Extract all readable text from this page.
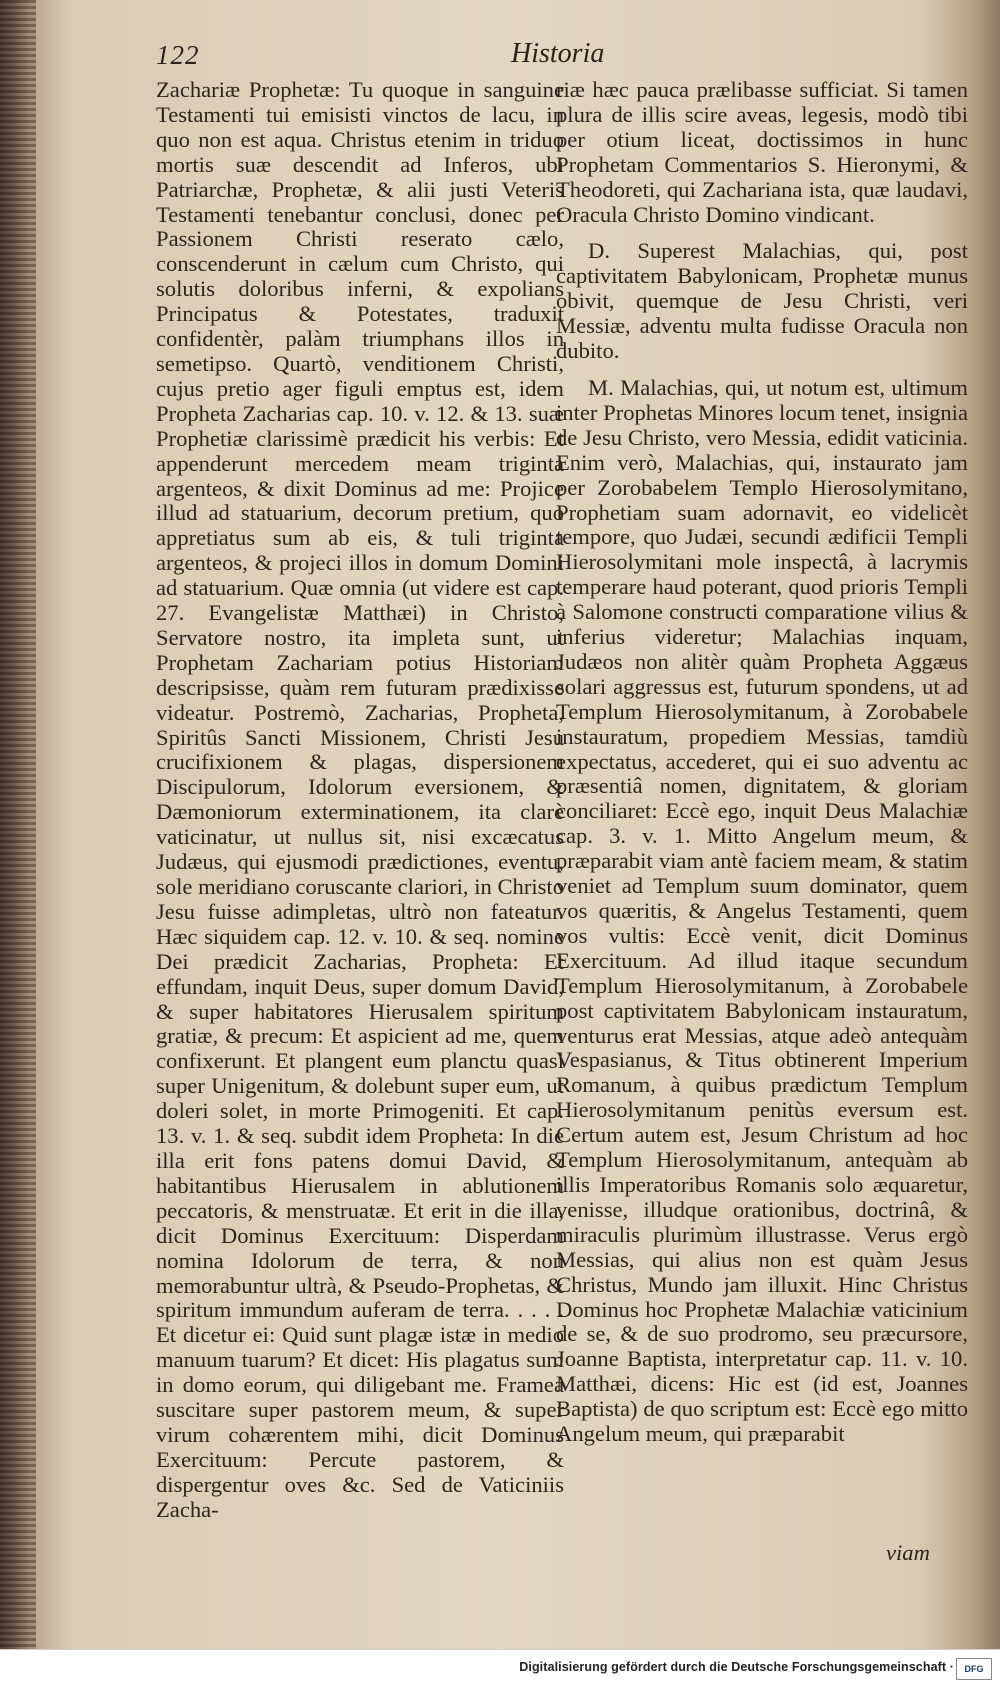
122	Historia

Zachariæ Prophetæ: Tu quoque in sanguine Testamenti tui emisisti vinctos de lacu, in quo non est aqua. Christus etenim in triduo mortis suæ descendit ad Inferos, ubi Patriarchæ, Prophetæ, & alii justi Veteris Testamenti tenebantur conclusi, donec per Passionem Christi reserato cælo, conscenderunt in cælum cum Christo, qui solutis doloribus inferni, & expolians Principatus & Potestates, traduxit confidentèr, palàm triumphans illos in semetipso. Quartò, venditionem Christi, cujus pretio ager figuli emptus est, idem Propheta Zacharias cap. 10. v. 12. & 13. suæ Prophetiæ clarissimè prædicit his verbis: Et appenderunt mercedem meam triginta argenteos, & dixit Dominus ad me: Projice illud ad statuarium, decorum pretium, quo appretiatus sum ab eis, & tuli triginta argenteos, & projeci illos in domum Domini ad statuarium. Quæ omnia (ut videre est cap. 27. Evangelistæ Matthæi) in Christo, Servatore nostro, ita impleta sunt, ut Prophetam Zachariam potius Historiam descripsisse, quàm rem futuram prædixisse videatur. Postremò, Zacharias, Propheta, Spiritûs Sancti Missionem, Christi Jesu crucifixionem & plagas, dispersionem Discipulorum, Idolorum eversionem, & Dæmoniorum exterminationem, ita clarè vaticinatur, ut nullus sit, nisi excæcatus Judæus, qui ejusmodi prædictiones, eventu, sole meridiano coruscante clariori, in Christo Jesu fuisse adimpletas, ultrò non fateatur. Hæc siquidem cap. 12. v. 10. & seq. nomine Dei prædicit Zacharias, Propheta: Et effundam, inquit Deus, super domum David, & super habitatores Hierusalem spiritum gratiæ, & precum: Et aspicient ad me, quem confixerunt. Et plangent eum planctu quasi super Unigenitum, & dolebunt super eum, ut doleri solet, in morte Primogeniti. Et cap. 13. v. 1. & seq. subdit idem Propheta: In die illa erit fons patens domui David, & habitantibus Hierusalem in ablutionem peccatoris, & menstruatæ. Et erit in die illa, dicit Dominus Exercituum: Disperdam nomina Idolorum de terra, & non memorabuntur ultrà, & Pseudo-Prophetas, & spiritum immundum auferam de terra. . . . . Et dicetur ei: Quid sunt plagæ istæ in medio manuum tuarum? Et dicet: His plagatus sum in domo eorum, qui diligebant me. Framea suscitare super pastorem meum, & super virum cohærentem mihi, dicit Dominus Exercituum: Percute pastorem, & dispergentur oves &c. Sed de Vaticiniis Zacha-

riæ hæc pauca prælibasse sufficiat. Si tamen plura de illis scire aveas, legesis, modò tibi per otium liceat, doctissimos in hunc Prophetam Commentarios S. Hieronymi, & Theodoreti, qui Zachariana ista, quæ laudavi, Oracula Christo Domino vindicant.

D. Superest Malachias, qui, post captivitatem Babylonicam, Prophetæ munus obivit, quemque de Jesu Christi, veri Messiæ, adventu multa fudisse Oracula non dubito.

M. Malachias, qui, ut notum est, ultimum inter Prophetas Minores locum tenet, insignia de Jesu Christo, vero Messia, edidit vaticinia. Enim verò, Malachias, qui, instaurato jam per Zorobabelem Templo Hierosolymitano, Prophetiam suam adornavit, eo videlicèt tempore, quo Judæi, secundi ædificii Templi Hierosolymitani mole inspectâ, à lacrymis temperare haud poterant, quod prioris Templi à Salomone constructi comparatione vilius & inferius videretur; Malachias inquam, Judæos non alitèr quàm Propheta Aggæus solari aggressus est, futurum spondens, ut ad Templum Hierosolymitanum, à Zorobabele instauratum, propediem Messias, tamdiù expectatus, accederet, qui ei suo adventu ac præsentiâ nomen, dignitatem, & gloriam conciliaret: Eccè ego, inquit Deus Malachiæ cap. 3. v. 1. Mitto Angelum meum, & præparabit viam antè faciem meam, & statim veniet ad Templum suum dominator, quem vos quæritis, & Angelus Testamenti, quem vos vultis: Eccè venit, dicit Dominus Exercituum. Ad illud itaque secundum Templum Hierosolymitanum, à Zorobabele post captivitatem Babylonicam instauratum, venturus erat Messias, atque adeò antequàm Vespasianus, & Titus obtinerent Imperium Romanum, à quibus prædictum Templum Hierosolymitanum penitùs eversum est. Certum autem est, Jesum Christum ad hoc Templum Hierosolymitanum, antequàm ab illis Imperatoribus Romanis solo æquaretur, venisse, illudque orationibus, doctrinâ, & miraculis plurimùm illustrasse. Verus ergò Messias, qui alius non est quàm Jesus Christus, Mundo jam illuxit. Hinc Christus Dominus hoc Prophetæ Malachiæ vaticinium de se, & de suo prodromo, seu præcursore, Joanne Baptista, interpretatur cap. 11. v. 10. Matthæi, dicens: Hic est (id est, Joannes Baptista) de quo scriptum est: Eccè ego mitto Angelum meum, qui præparabit

viam
Digitalisierung gefördert durch die Deutsche Forschungsgemeinschaft · DFG
